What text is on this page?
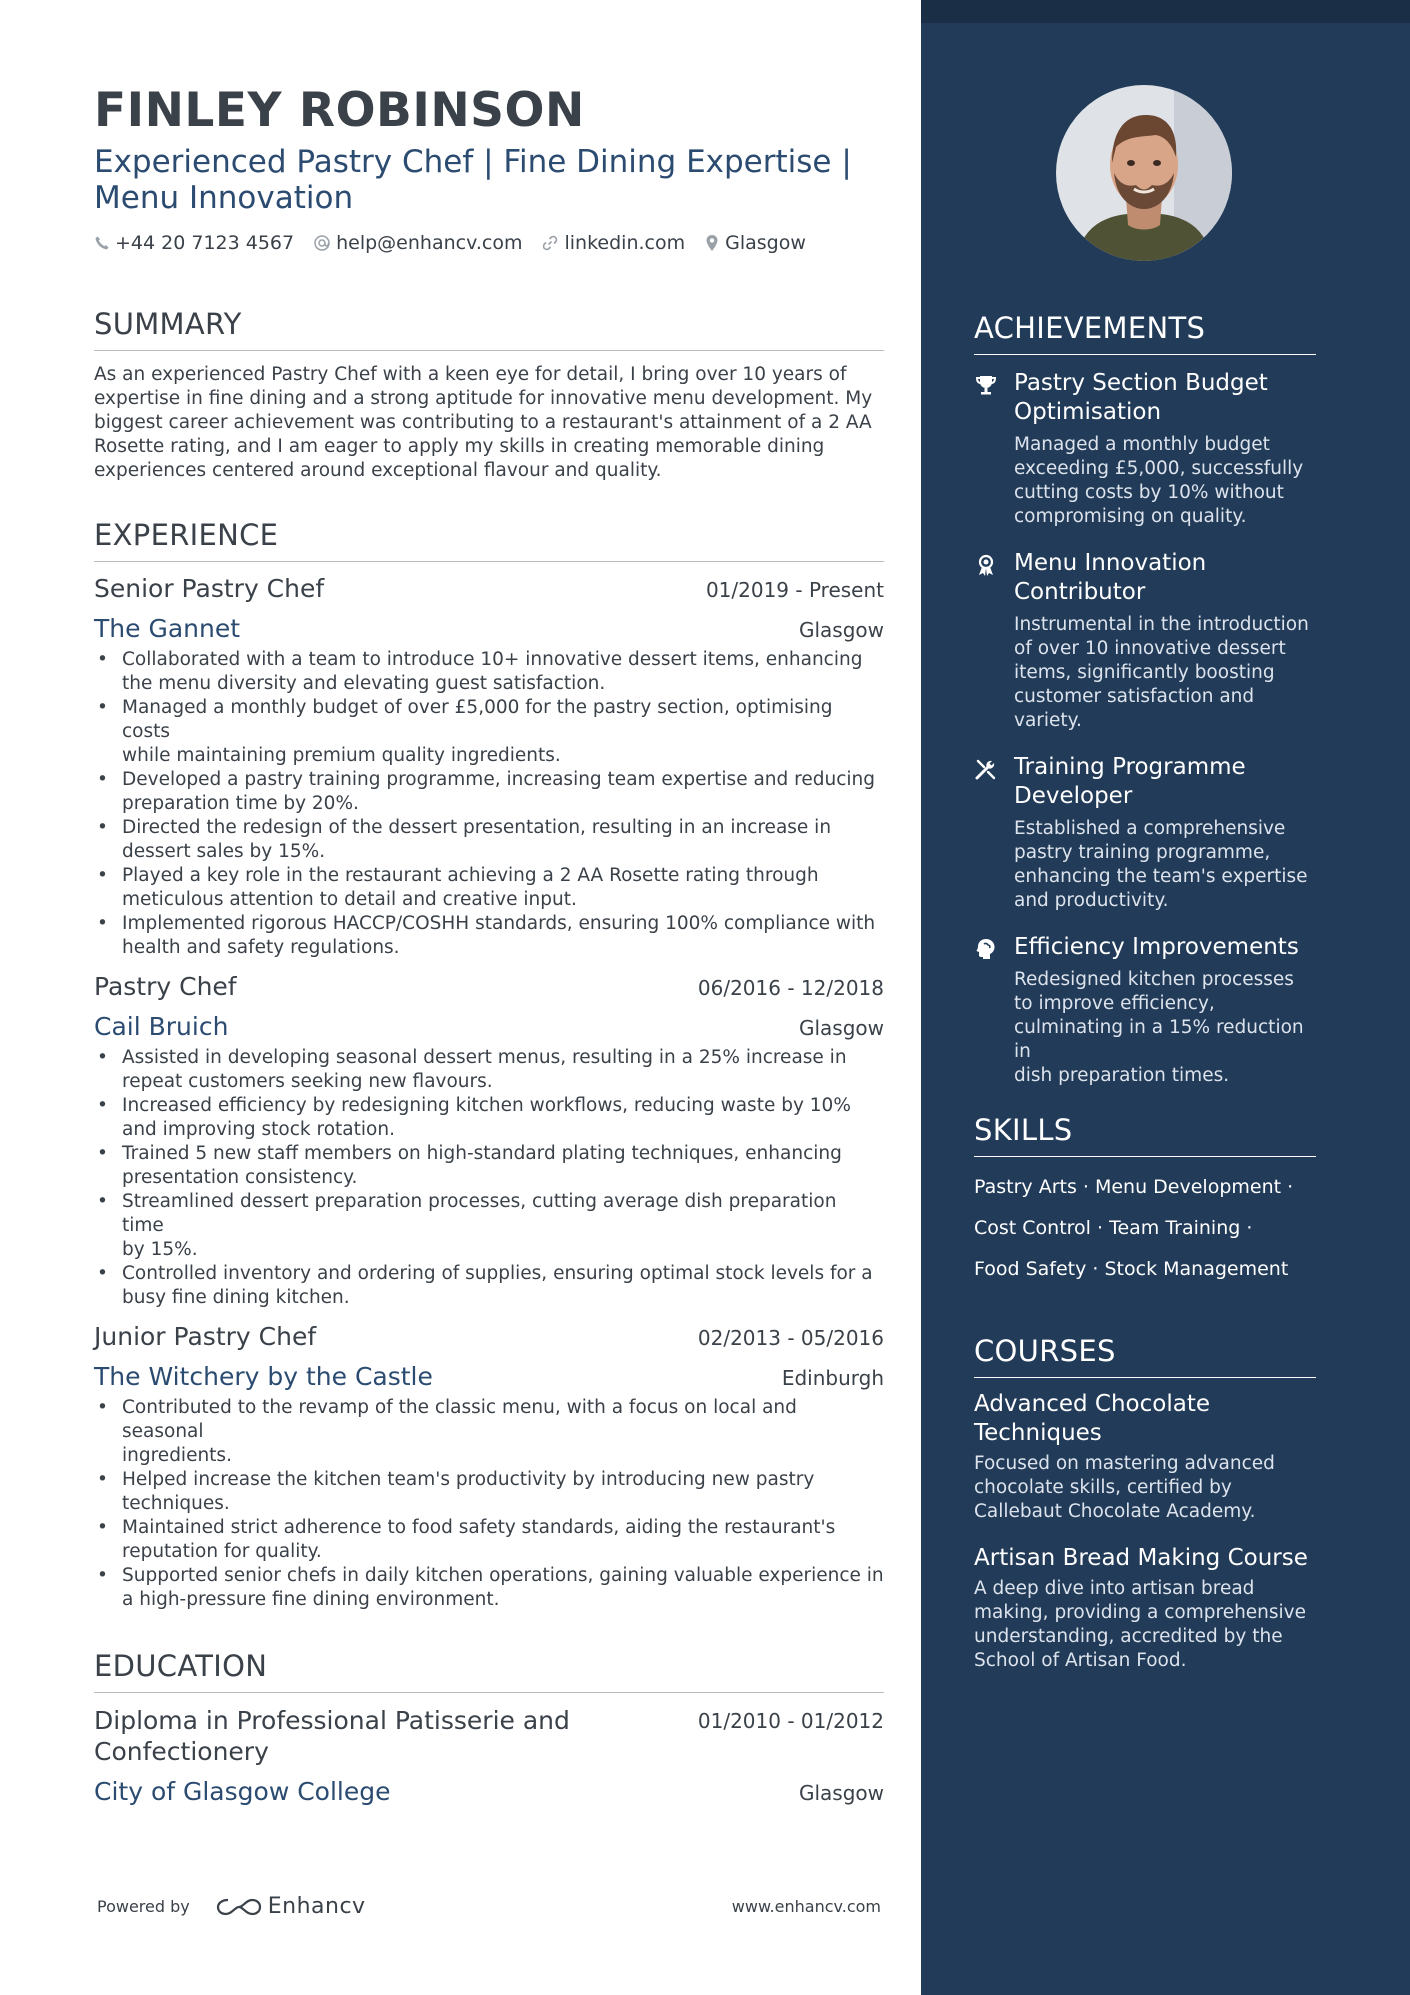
FINLEY ROBINSON
Experienced Pastry Chef | Fine Dining Expertise |
Menu Innovation
+44 20 7123 4567 help@enhancv.com linkedin.com Glasgow
SUMMARY
As an experienced Pastry Chef with a keen eye for detail, I bring over 10 years of
expertise in fine dining and a strong aptitude for innovative menu development. My
biggest career achievement was contributing to a restaurant's attainment of a 2 AA
Rosette rating, and I am eager to apply my skills in creating memorable dining
experiences centered around exceptional flavour and quality.
EXPERIENCE
Senior Pastry Chef	01/2019 - Present
The Gannet	Glasgow
• Collaborated with a team to introduce 10+ innovative dessert items, enhancing
the menu diversity and elevating guest satisfaction.
• Managed a monthly budget of over £5,000 for the pastry section, optimising costs
while maintaining premium quality ingredients.
• Developed a pastry training programme, increasing team expertise and reducing
preparation time by 20%.
• Directed the redesign of the dessert presentation, resulting in an increase in
dessert sales by 15%.
• Played a key role in the restaurant achieving a 2 AA Rosette rating through
meticulous attention to detail and creative input.
• Implemented rigorous HACCP/COSHH standards, ensuring 100% compliance with
health and safety regulations.
Pastry Chef	06/2016 - 12/2018
Cail Bruich	Glasgow
• Assisted in developing seasonal dessert menus, resulting in a 25% increase in
repeat customers seeking new flavours.
• Increased efficiency by redesigning kitchen workflows, reducing waste by 10%
and improving stock rotation.
• Trained 5 new staff members on high-standard plating techniques, enhancing
presentation consistency.
• Streamlined dessert preparation processes, cutting average dish preparation time
by 15%.
• Controlled inventory and ordering of supplies, ensuring optimal stock levels for a
busy fine dining kitchen.
Junior Pastry Chef	02/2013 - 05/2016
The Witchery by the Castle	Edinburgh
• Contributed to the revamp of the classic menu, with a focus on local and seasonal
ingredients.
• Helped increase the kitchen team's productivity by introducing new pastry
techniques.
• Maintained strict adherence to food safety standards, aiding the restaurant's
reputation for quality.
• Supported senior chefs in daily kitchen operations, gaining valuable experience in
a high-pressure fine dining environment.
EDUCATION
Diploma in Professional Patisserie and
Confectionery
01/2010 - 01/2012
City of Glasgow College	Glasgow
Powered by	Enhancv	www.enhancv.com
ACHIEVEMENTS
Pastry Section Budget
Optimisation
Managed a monthly budget
exceeding £5,000, successfully
cutting costs by 10% without
compromising on quality.
Menu Innovation
Contributor
Instrumental in the introduction
of over 10 innovative dessert
items, significantly boosting
customer satisfaction and
variety.
Training Programme
Developer
Established a comprehensive
pastry training programme,
enhancing the team's expertise
and productivity.
Efficiency Improvements
Redesigned kitchen processes
to improve efficiency,
culminating in a 15% reduction in
dish preparation times.
SKILLS
Pastry Arts · Menu Development ·
Cost Control · Team Training ·
Food Safety · Stock Management
COURSES
Advanced Chocolate
Techniques
Focused on mastering advanced
chocolate skills, certified by
Callebaut Chocolate Academy.
Artisan Bread Making Course
A deep dive into artisan bread
making, providing a comprehensive
understanding, accredited by the
School of Artisan Food.
